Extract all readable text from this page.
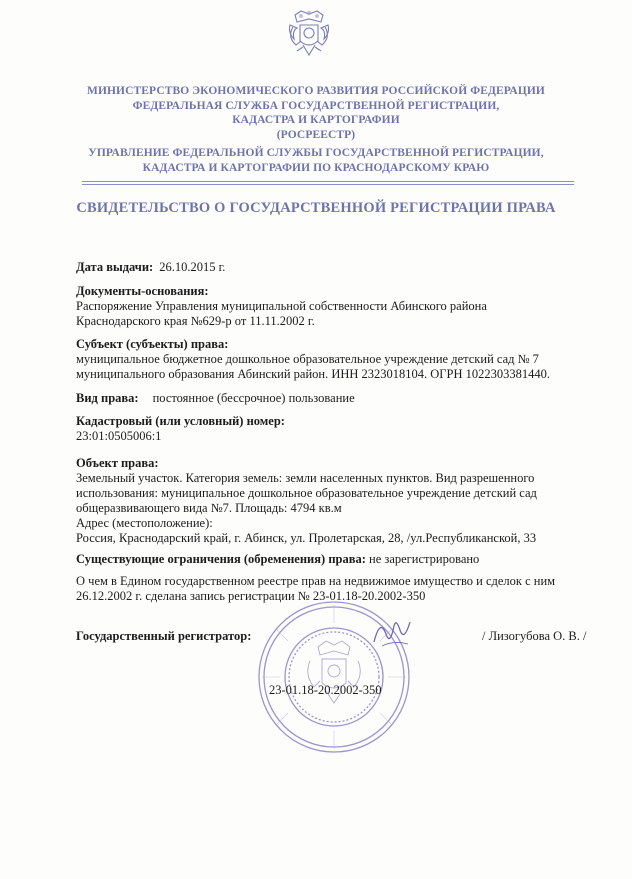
МИНИСТЕРСТВО ЭКОНОМИЧЕСКОГО РАЗВИТИЯ РОССИЙСКОЙ ФЕДЕРАЦИИ
ФЕДЕРАЛЬНАЯ СЛУЖБА ГОСУДАРСТВЕННОЙ РЕГИСТРАЦИИ,
КАДАСТРА И КАРТОГРАФИИ
(РОСРЕЕСТР)
УПРАВЛЕНИЕ ФЕДЕРАЛЬНОЙ СЛУЖБЫ ГОСУДАРСТВЕННОЙ РЕГИСТРАЦИИ,
КАДАСТРА И КАРТОГРАФИИ ПО КРАСНОДАРСКОМУ КРАЮ
СВИДЕТЕЛЬСТВО О ГОСУДАРСТВЕННОЙ РЕГИСТРАЦИИ ПРАВА
Дата выдачи: 26.10.2015 г.
Документы-основания:
Распоряжение Управления муниципальной собственности Абинского района
Краснодарского края №629-р от 11.11.2002 г.
Субъект (субъекты) права:
муниципальное бюджетное дошкольное образовательное учреждение детский сад № 7
муниципального образования Абинский район. ИНН 2323018104. ОГРН 1022303381440.
Вид права: постоянное (бессрочное) пользование
Кадастровый (или условный) номер:
23:01:0505006:1
Объект права:
Земельный участок. Категория земель: земли населенных пунктов. Вид разрешенного
использования: муниципальное дошкольное образовательное учреждение детский сад
общеразвивающего вида №7. Площадь: 4794 кв.м
Адрес (местоположение):
Россия, Краснодарский край, г. Абинск, ул. Пролетарская, 28, /ул.Республиканской, 33
Существующие ограничения (обременения) права: не зарегистрировано
О чем в Едином государственном реестре прав на недвижимое имущество и сделок с ним
26.12.2002 г. сделана запись регистрации № 23-01.18-20.2002-350
Государственный регистратор:	/ Лизогубова О. В. /
23-01.18-20.2002-350
